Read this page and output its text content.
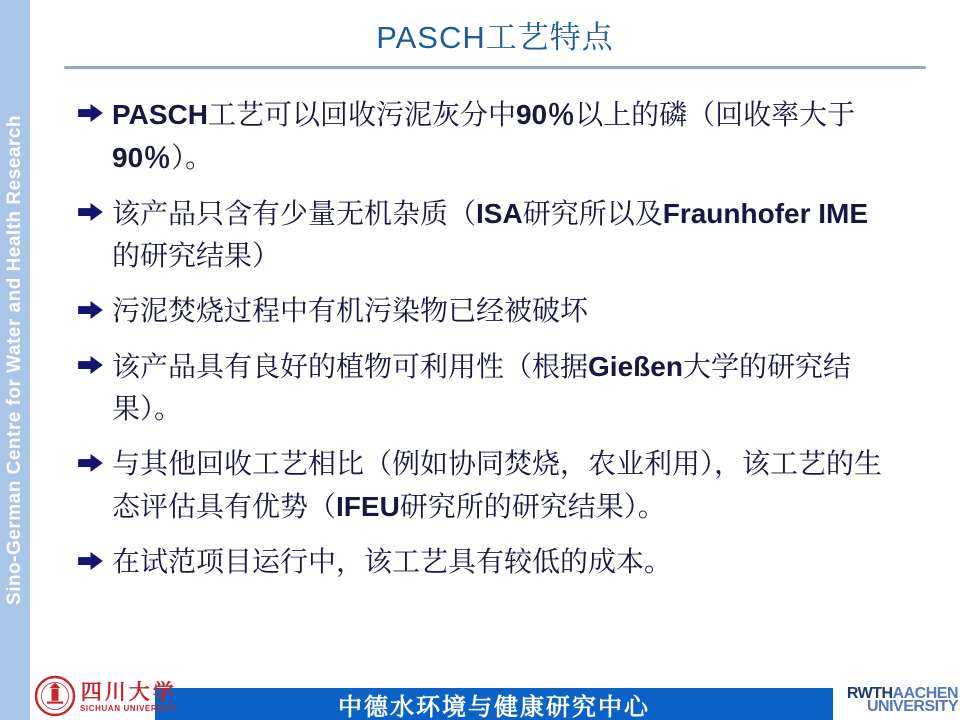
Sino-German Centre for Water and Health Research
PASCH工艺特点
PASCH工艺可以回收污泥灰分中90％以上的磷（回收率大于90％）。
该产品只含有少量无机杂质（ISA研究所以及Fraunhofer IME的研究结果）
污泥焚烧过程中有机污染物已经被破坏
该产品具有良好的植物可利用性（根据Gießen大学的研究结果）。
与其他回收工艺相比（例如协同焚烧，农业利用），该工艺的生态评估具有优势（IFEU研究所的研究结果）。
在试范项目运行中，该工艺具有较低的成本。
中德水环境与健康研究中心
四川大学
SICHUAN UNIVERSITY
RWTHAACHEN
UNIVERSITY
